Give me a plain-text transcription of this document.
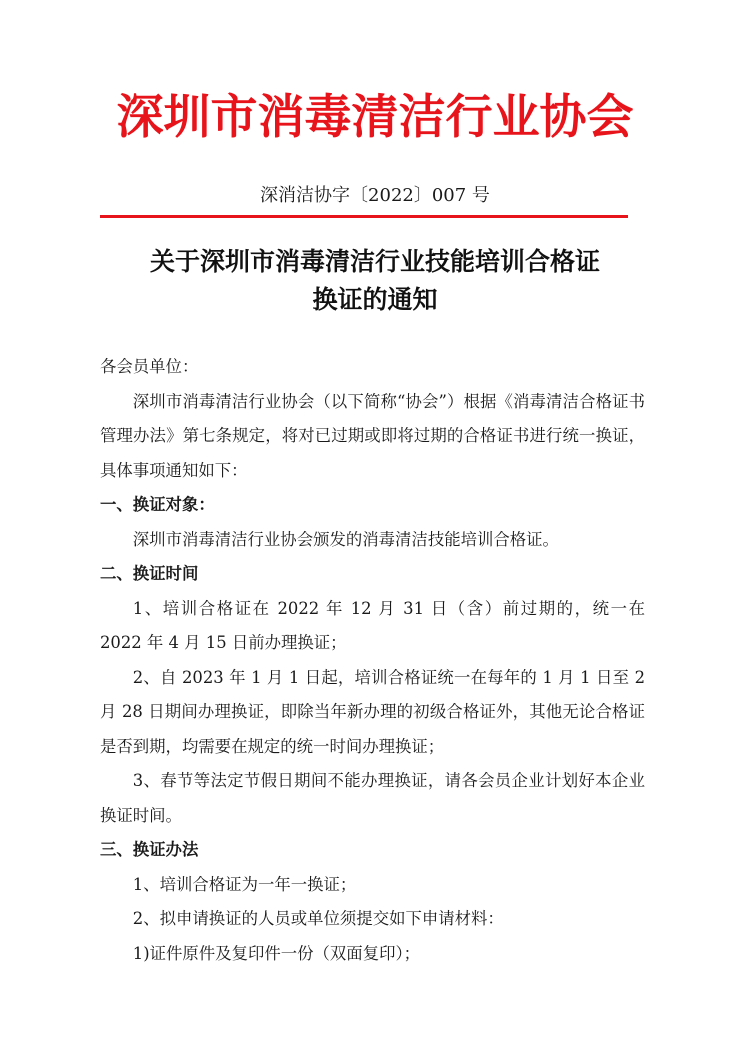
深圳市消毒清洁行业协会
深消洁协字〔2022〕007 号
关于深圳市消毒清洁行业技能培训合格证
换证的通知

各会员单位：

深圳市消毒清洁行业协会（以下简称“协会”）根据《消毒清洁合格证书管理办法》第七条规定，将对已过期或即将过期的合格证书进行统一换证，具体事项通知如下：

一、换证对象：

深圳市消毒清洁行业协会颁发的消毒清洁技能培训合格证。

二、换证时间

1、培训合格证在 2022 年 12 月 31 日（含）前过期的，统一在 2022 年 4 月 15 日前办理换证；

2、自 2023 年 1 月 1 日起，培训合格证统一在每年的 1 月 1 日至 2 月 28 日期间办理换证，即除当年新办理的初级合格证外，其他无论合格证是否到期，均需要在规定的统一时间办理换证；

3、春节等法定节假日期间不能办理换证，请各会员企业计划好本企业换证时间。

三、换证办法

1、培训合格证为一年一换证；

2、拟申请换证的人员或单位须提交如下申请材料：

1)证件原件及复印件一份（双面复印）；
